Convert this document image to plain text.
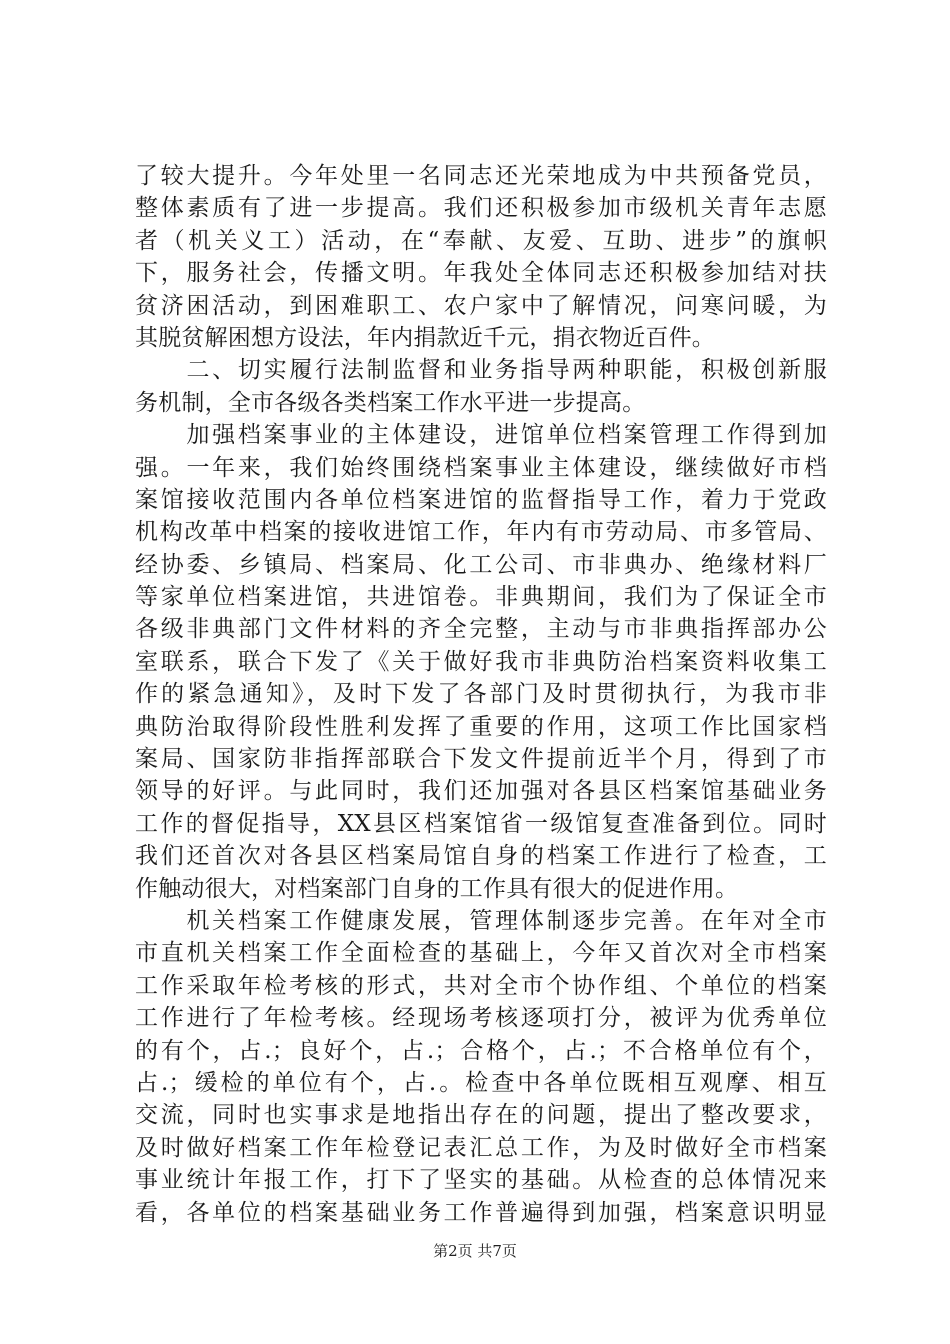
了较大提升。今年处里一名同志还光荣地成为中共预备党员，
整体素质有了进一步提高。我们还积极参加市级机关青年志愿
者（机关义工）活动，在“奉献、友爱、互助、进步”的旗帜
下，服务社会，传播文明。年我处全体同志还积极参加结对扶
贫济困活动，到困难职工、农户家中了解情况，问寒问暖，为
其脱贫解困想方设法，年内捐款近千元，捐衣物近百件。
　　二、切实履行法制监督和业务指导两种职能，积极创新服
务机制，全市各级各类档案工作水平进一步提高。
　　加强档案事业的主体建设，进馆单位档案管理工作得到加
强。一年来，我们始终围绕档案事业主体建设，继续做好市档
案馆接收范围内各单位档案进馆的监督指导工作，着力于党政
机构改革中档案的接收进馆工作，年内有市劳动局、市多管局、
经协委、乡镇局、档案局、化工公司、市非典办、绝缘材料厂
等家单位档案进馆，共进馆卷。非典期间，我们为了保证全市
各级非典部门文件材料的齐全完整，主动与市非典指挥部办公
室联系，联合下发了《关于做好我市非典防治档案资料收集工
作的紧急通知》，及时下发了各部门及时贯彻执行，为我市非
典防治取得阶段性胜利发挥了重要的作用，这项工作比国家档
案局、国家防非指挥部联合下发文件提前近半个月，得到了市
领导的好评。与此同时，我们还加强对各县区档案馆基础业务
工作的督促指导，XX县区档案馆省一级馆复查准备到位。同时
我们还首次对各县区档案局馆自身的档案工作进行了检查，工
作触动很大，对档案部门自身的工作具有很大的促进作用。
　　机关档案工作健康发展，管理体制逐步完善。在年对全市
市直机关档案工作全面检查的基础上，今年又首次对全市档案
工作采取年检考核的形式，共对全市个协作组、个单位的档案
工作进行了年检考核。经现场考核逐项打分，被评为优秀单位
的有个，占.；良好个，占.；合格个，占.；不合格单位有个，
占.；缓检的单位有个，占.。检查中各单位既相互观摩、相互
交流，同时也实事求是地指出存在的问题，提出了整改要求，
及时做好档案工作年检登记表汇总工作，为及时做好全市档案
事业统计年报工作，打下了坚实的基础。从检查的总体情况来
看，各单位的档案基础业务工作普遍得到加强，档案意识明显
第2页 共7页
